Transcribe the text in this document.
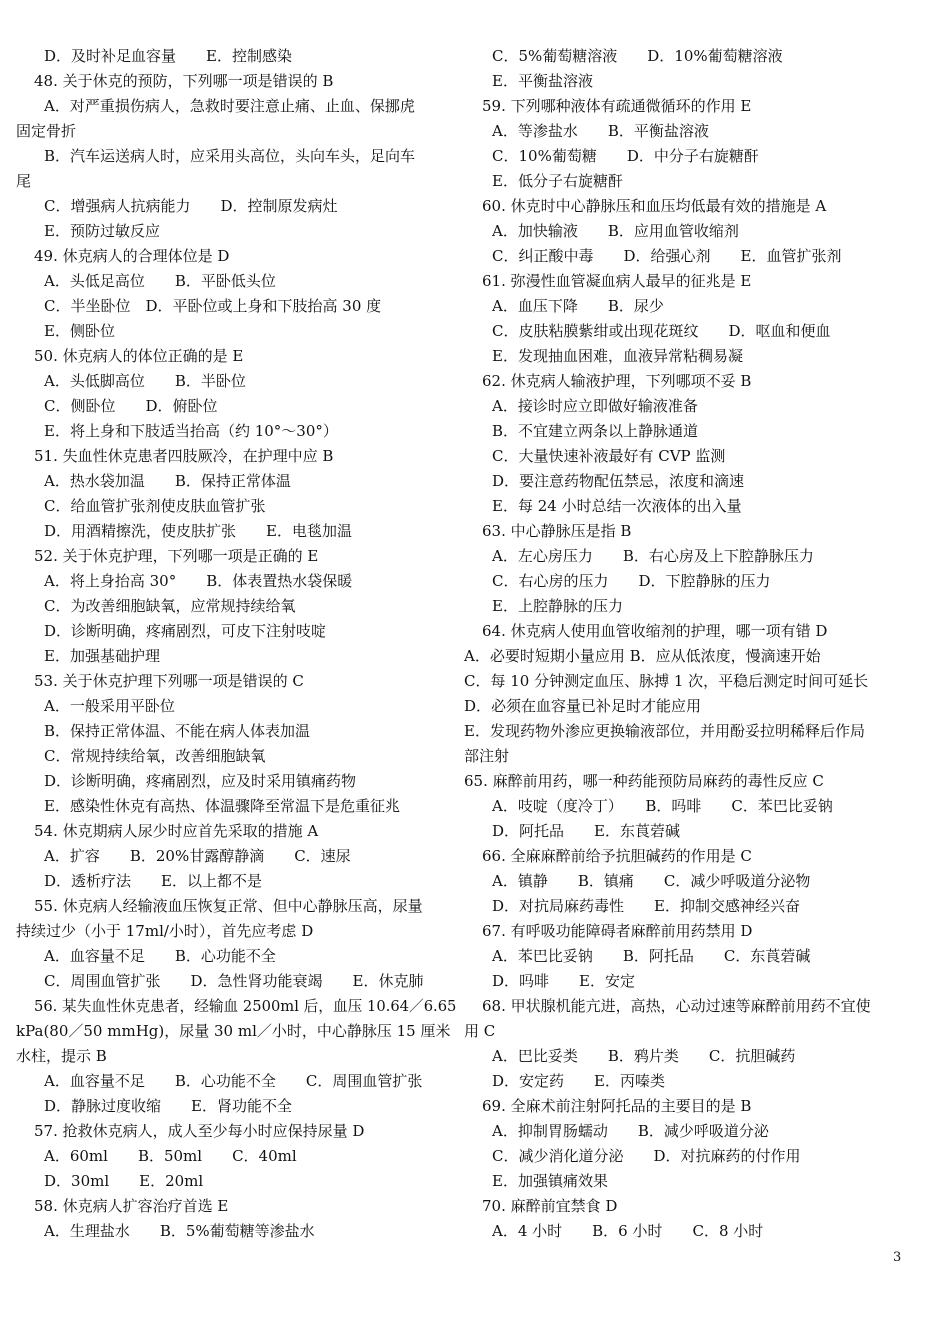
D．及时补足血容量　　E．控制感染
48. 关于休克的预防，下列哪一项是错误的 B
A．对严重损伤病人，急救时要注意止痛、止血、保挪虎
固定骨折
B．汽车运送病人时，应采用头高位，头向车头，足向车
尾
C．增强病人抗病能力　　D．控制原发病灶
E．预防过敏反应
49. 休克病人的合理体位是 D
A．头低足高位　　B．平卧低头位
C．半坐卧位　D．平卧位或上身和下肢抬高 30 度
E．侧卧位
50. 休克病人的体位正确的是 E
A．头低脚高位　　B．半卧位
C．侧卧位　　D．俯卧位
E．将上身和下肢适当抬高（约 10°～30°）
51. 失血性休克患者四肢厥冷，在护理中应 B
A．热水袋加温　　B．保持正常体温
C．给血管扩张剂使皮肤血管扩张
D．用酒精擦洗，使皮肤扩张　　E．电毯加温
52. 关于休克护理，下列哪一项是正确的 E
A．将上身抬高 30°　　B．体表置热水袋保暖
C．为改善细胞缺氧，应常规持续给氧
D．诊断明确，疼痛剧烈，可皮下注射吱啶
E．加强基础护理
53. 关于休克护理下列哪一项是错误的 C
A．一般采用平卧位
B．保持正常体温、不能在病人体表加温
C．常规持续给氧，改善细胞缺氧
D．诊断明确，疼痛剧烈，应及时采用镇痛药物
E．感染性休克有高热、体温骤降至常温下是危重征兆
54. 休克期病人尿少时应首先采取的措施 A
A．扩容　　B．20%甘露醇静滴　　C．速尿
D．透析疗法　　E．以上都不是
55. 休克病人经输液血压恢复正常、但中心静脉压高，尿量
持续过少（小于 17ml/小时），首先应考虑 D
A．血容量不足　　B．心功能不全
C．周围血管扩张　　D．急性肾功能衰竭　　E．休克肺
56. 某失血性休克患者，经输血 2500ml 后，血压 10.64／6.65
kPa(80／50 mmHg)，尿量 30 ml／小时，中心静脉压 15 厘米
水柱，提示 B
A．血容量不足　　B．心功能不全　　C．周围血管扩张
D．静脉过度收缩　　E．肾功能不全
57. 抢救休克病人，成人至少每小时应保持尿量 D
A．60ml　　B．50ml　　C．40ml
D．30ml　　E．20ml
58. 休克病人扩容治疗首选 E
A．生理盐水　　B．5%葡萄糖等渗盐水
C．5%葡萄糖溶液　　D．10%葡萄糖溶液
E．平衡盐溶液
59. 下列哪种液体有疏通微循环的作用 E
A．等渗盐水　　B．平衡盐溶液
C．10%葡萄糖　　D．中分子右旋糖酐
E．低分子右旋糖酐
60. 休克时中心静脉压和血压均低最有效的措施是 A
A．加快输液　　B．应用血管收缩剂
C．纠正酸中毒　　D．给强心剂　　E．血管扩张剂
61. 弥漫性血管凝血病人最早的征兆是 E
A．血压下降　　B．尿少
C．皮肤粘膜紫绀或出现花斑纹　　D．呕血和便血
E．发现抽血困难，血液异常粘稠易凝
62. 休克病人输液护理，下列哪项不妥 B
A．接诊时应立即做好输液准备
B．不宜建立两条以上静脉通道
C．大量快速补液最好有 CVP 监测
D．要注意药物配伍禁忌，浓度和滴速
E．每 24 小时总结一次液体的出入量
63. 中心静脉压是指 B
A．左心房压力　　B．右心房及上下腔静脉压力
C．右心房的压力　　D．下腔静脉的压力
E．上腔静脉的压力
64. 休克病人使用血管收缩剂的护理，哪一项有错 D
A．必要时短期小量应用 B．应从低浓度，慢滴速开始
C．每 10 分钟测定血压、脉搏 1 次，平稳后测定时间可延长
D．必须在血容量已补足时才能应用
E．发现药物外渗应更换输液部位，并用酚妥拉明稀释后作局
部注射
65. 麻醉前用药，哪一种药能预防局麻药的毒性反应 C
A．吱啶（度冷丁）　　B．吗啡　　C．苯巴比妥钠
D．阿托品　　E．东莨菪碱
66. 全麻麻醉前给予抗胆碱药的作用是 C
A．镇静　　B．镇痛　　C．减少呼吸道分泌物
D．对抗局麻药毒性　　E．抑制交感神经兴奋
67. 有呼吸功能障碍者麻醉前用药禁用 D
A．苯巴比妥钠　　B．阿托品　　C．东莨菪碱
D．吗啡　　E．安定
68. 甲状腺机能亢进，高热，心动过速等麻醉前用药不宜使
用 C
A．巴比妥类　　B．鸦片类　　C．抗胆碱药
D．安定药　　E．丙嗪类
69. 全麻术前注射阿托品的主要目的是 B
A．抑制胃肠蠕动　　B．减少呼吸道分泌
C．减少消化道分泌　　D．对抗麻药的付作用
E．加强镇痛效果
70. 麻醉前宜禁食 D
A．4 小时　　B．6 小时　　C．8 小时
3
